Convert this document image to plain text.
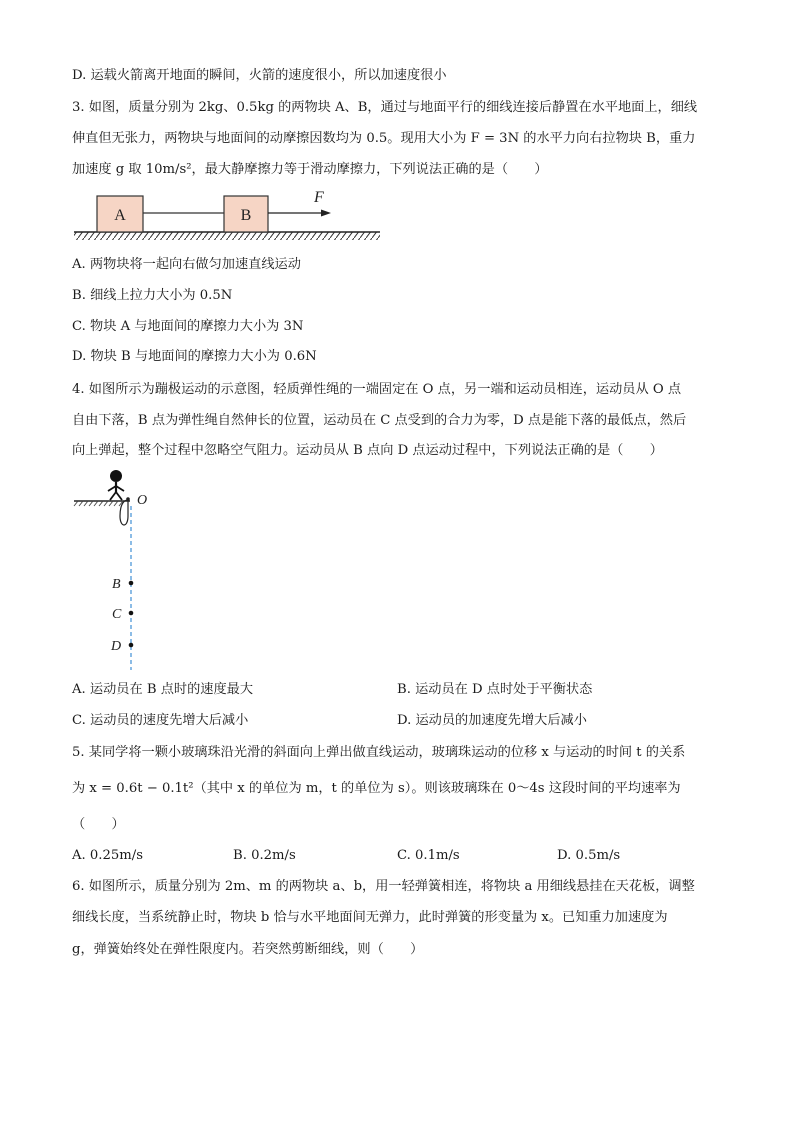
D. 运载火箭离开地面的瞬间，火箭的速度很小，所以加速度很小
3. 如图，质量分别为 2kg、0.5kg 的两物块 A、B，通过与地面平行的细线连接后静置在水平地面上，细线
伸直但无张力，两物块与地面间的动摩擦因数均为 0.5。现用大小为 F = 3N 的水平力向右拉物块 B，重力
加速度 g 取 10m/s²，最大静摩擦力等于滑动摩擦力，下列说法正确的是（　　）
A	B
F
A. 两物块将一起向右做匀加速直线运动
B. 细线上拉力大小为 0.5N
C. 物块 A 与地面间的摩擦力大小为 3N
D. 物块 B 与地面间的摩擦力大小为 0.6N
4. 如图所示为蹦极运动的示意图，轻质弹性绳的一端固定在 O 点，另一端和运动员相连，运动员从 O 点
自由下落，B 点为弹性绳自然伸长的位置，运动员在 C 点受到的合力为零，D 点是能下落的最低点，然后
向上弹起，整个过程中忽略空气阻力。运动员从 B 点向 D 点运动过程中，下列说法正确的是（　　）
O
B
C
D
A. 运动员在 B 点时的速度最大	B. 运动员在 D 点时处于平衡状态
C. 运动员的速度先增大后减小	D. 运动员的加速度先增大后减小
5. 某同学将一颗小玻璃珠沿光滑的斜面向上弹出做直线运动，玻璃珠运动的位移 x 与运动的时间 t 的关系
为 x = 0.6t − 0.1t²（其中 x 的单位为 m，t 的单位为 s）。则该玻璃珠在 0～4s 这段时间的平均速率为
（　　）
A. 0.25m/s	B. 0.2m/s	C. 0.1m/s	D. 0.5m/s
6. 如图所示，质量分别为 2m、m 的两物块 a、b，用一轻弹簧相连，将物块 a 用细线悬挂在天花板，调整
细线长度，当系统静止时，物块 b 恰与水平地面间无弹力，此时弹簧的形变量为 x。已知重力加速度为
g，弹簧始终处在弹性限度内。若突然剪断细线，则（　　）
